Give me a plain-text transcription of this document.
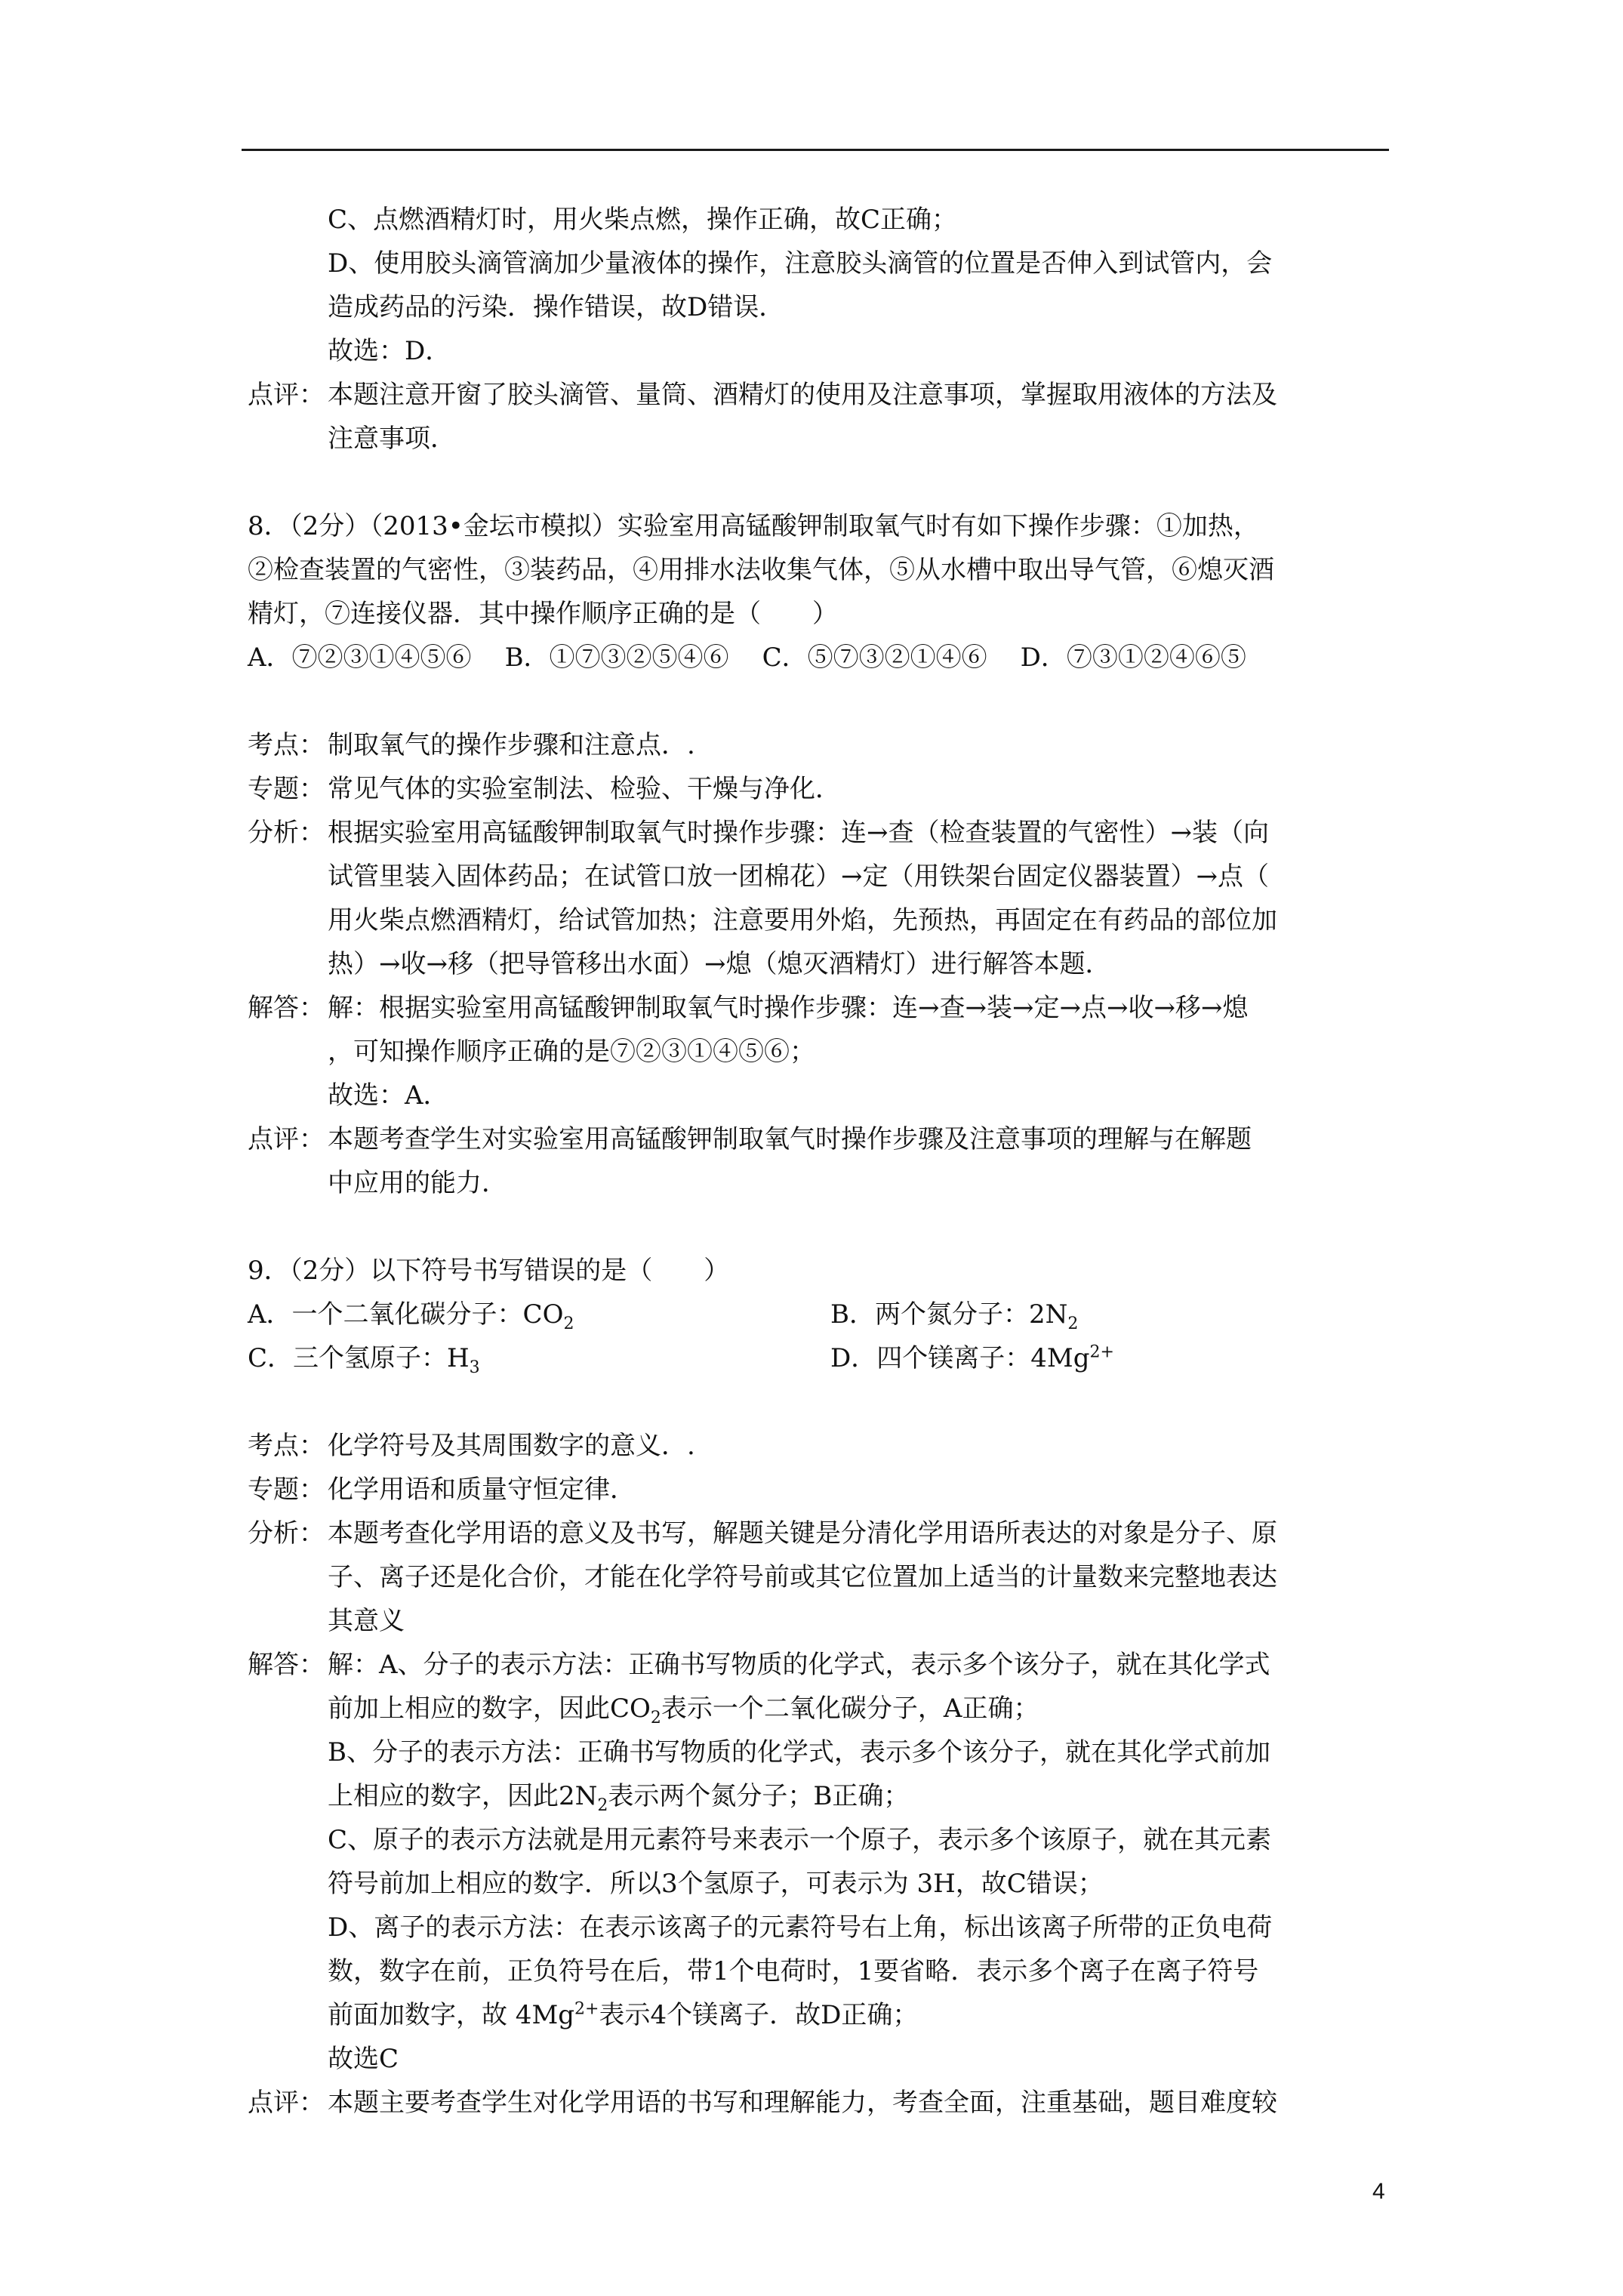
C、点燃酒精灯时，用火柴点燃，操作正确，故C正确；

D、使用胶头滴管滴加少量液体的操作，注意胶头滴管的位置是否伸入到试管内，会

造成药品的污染．操作错误，故D错误．

故选：D．

点评： 本题注意开窗了胶头滴管、量筒、酒精灯的使用及注意事项，掌握取用液体的方法及

注意事项．

8．（2分）（2013•金坛市模拟）实验室用高锰酸钾制取氧气时有如下操作步骤：①加热，

②检查装置的气密性，③装药品，④用排水法收集气体，⑤从水槽中取出导气管，⑥熄灭酒

精灯，⑦连接仪器．其中操作顺序正确的是（　　）

A．⑦②③①④⑤⑥ B．①⑦③②⑤④⑥ C．⑤⑦③②①④⑥ D．⑦③①②④⑥⑤
考点： 制取氧气的操作步骤和注意点．.

专题： 常见气体的实验室制法、检验、干燥与净化．

分析： 根据实验室用高锰酸钾制取氧气时操作步骤：连→查（检查装置的气密性）→装（向

试管里装入固体药品；在试管口放一团棉花）→定（用铁架台固定仪器装置）→点（

用火柴点燃酒精灯，给试管加热；注意要用外焰，先预热，再固定在有药品的部位加

热）→收→移（把导管移出水面）→熄（熄灭酒精灯）进行解答本题．

解答： 解：根据实验室用高锰酸钾制取氧气时操作步骤：连→查→装→定→点→收→移→熄

，可知操作顺序正确的是⑦②③①④⑤⑥；

故选：A．

点评： 本题考查学生对实验室用高锰酸钾制取氧气时操作步骤及注意事项的理解与在解题

中应用的能力．

9．（2分）以下符号书写错误的是（　　）

A．一个二氧化碳分子：$CO_2$	B．两个氮分子：$2N_2$
C．三个氢原子：$H_3$	D．四个镁离子：$4Mg^{2+}$
考点： 化学符号及其周围数字的意义．.

专题： 化学用语和质量守恒定律．

分析： 本题考查化学用语的意义及书写，解题关键是分清化学用语所表达的对象是分子、原

子、离子还是化合价，才能在化学符号前或其它位置加上适当的计量数来完整地表达

其意义

解答： 解：A、分子的表示方法：正确书写物质的化学式，表示多个该分子，就在其化学式

前加上相应的数字，因此$CO_2$表示一个二氧化碳分子，A正确；

B、分子的表示方法：正确书写物质的化学式，表示多个该分子，就在其化学式前加

上相应的数字，因此$2N_2$表示两个氮分子；B正确；

C、原子的表示方法就是用元素符号来表示一个原子，表示多个该原子，就在其元素

符号前加上相应的数字．所以3个氢原子，可表示为 3H，故C错误；

D、离子的表示方法：在表示该离子的元素符号右上角，标出该离子所带的正负电荷

数，数字在前，正负符号在后，带1个电荷时，1要省略．表示多个离子在离子符号

前面加数字，故 $4Mg^{2+}$表示4个镁离子．故D正确；

故选C

点评： 本题主要考查学生对化学用语的书写和理解能力，考查全面，注重基础，题目难度较

4
